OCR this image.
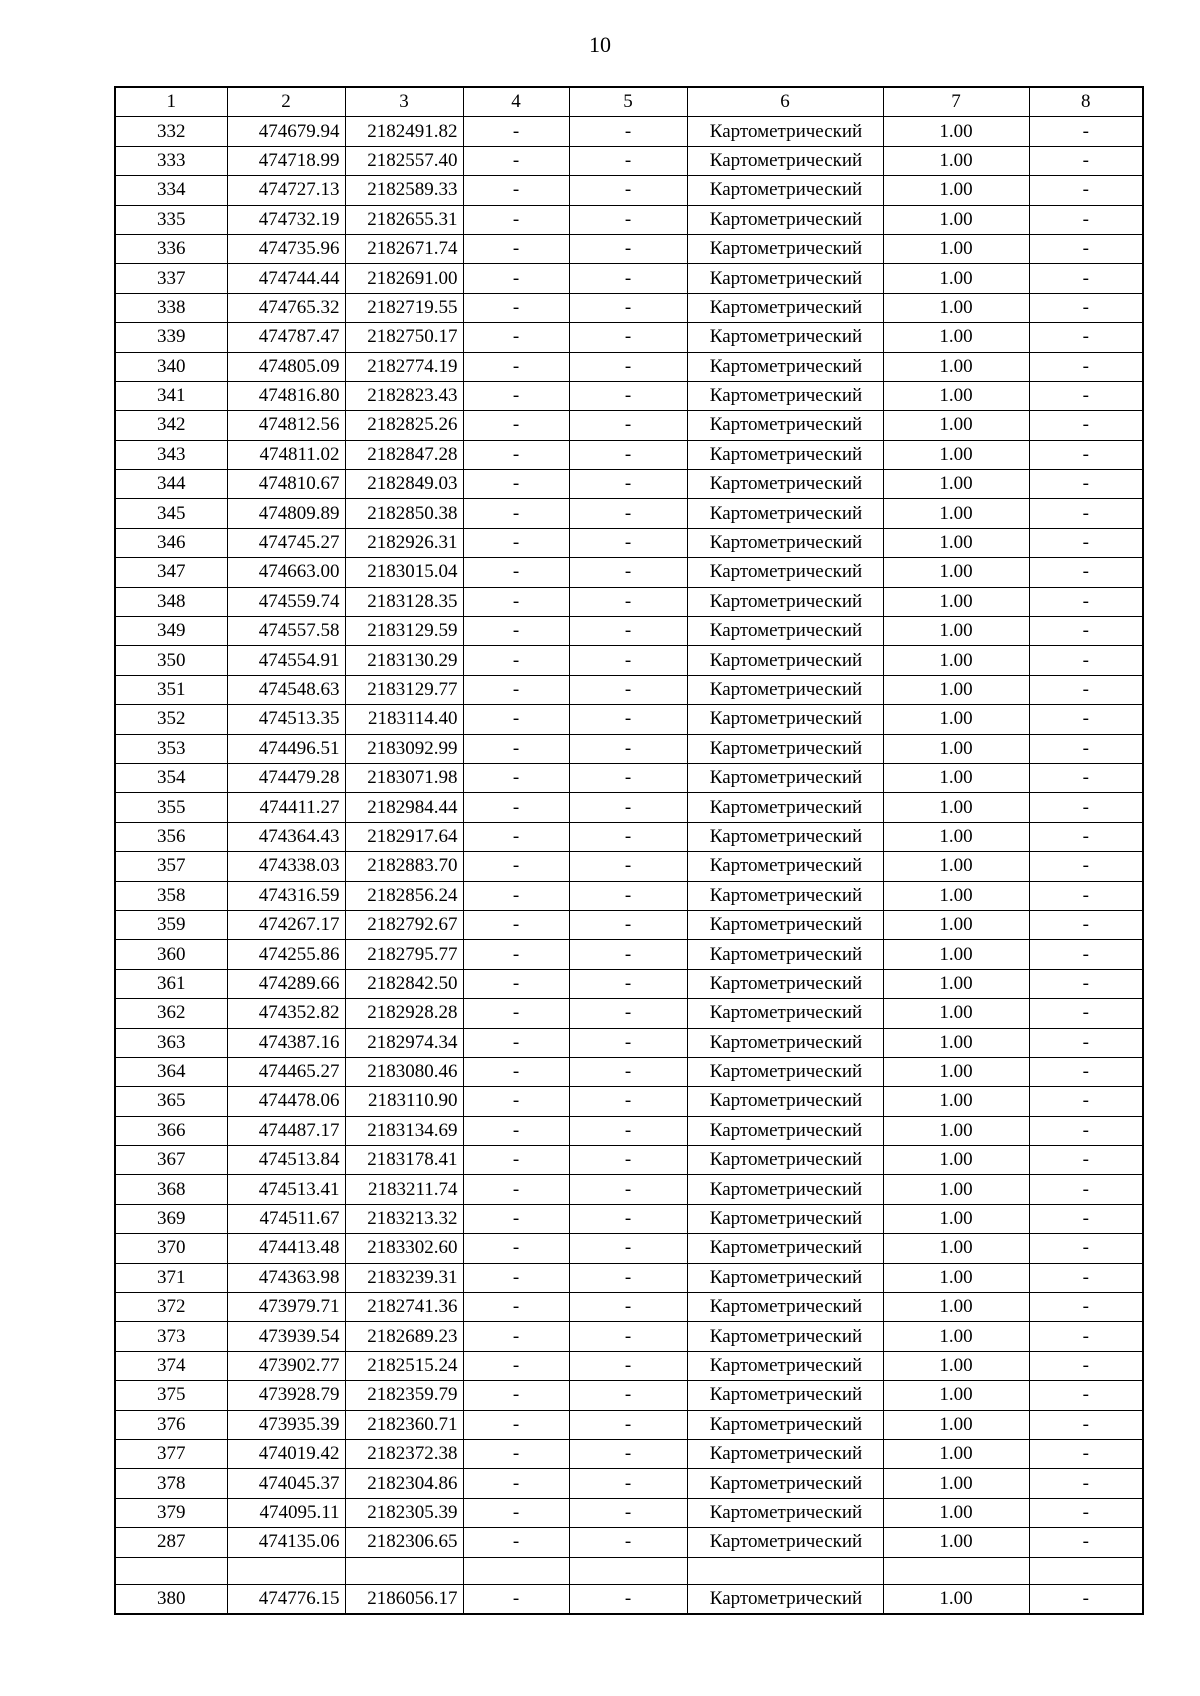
10
1	2	3	4	5	6	7	8
332	474679.94	2182491.82	-	-	Картометрический	1.00	-
333	474718.99	2182557.40	-	-	Картометрический	1.00	-
334	474727.13	2182589.33	-	-	Картометрический	1.00	-
335	474732.19	2182655.31	-	-	Картометрический	1.00	-
336	474735.96	2182671.74	-	-	Картометрический	1.00	-
337	474744.44	2182691.00	-	-	Картометрический	1.00	-
338	474765.32	2182719.55	-	-	Картометрический	1.00	-
339	474787.47	2182750.17	-	-	Картометрический	1.00	-
340	474805.09	2182774.19	-	-	Картометрический	1.00	-
341	474816.80	2182823.43	-	-	Картометрический	1.00	-
342	474812.56	2182825.26	-	-	Картометрический	1.00	-
343	474811.02	2182847.28	-	-	Картометрический	1.00	-
344	474810.67	2182849.03	-	-	Картометрический	1.00	-
345	474809.89	2182850.38	-	-	Картометрический	1.00	-
346	474745.27	2182926.31	-	-	Картометрический	1.00	-
347	474663.00	2183015.04	-	-	Картометрический	1.00	-
348	474559.74	2183128.35	-	-	Картометрический	1.00	-
349	474557.58	2183129.59	-	-	Картометрический	1.00	-
350	474554.91	2183130.29	-	-	Картометрический	1.00	-
351	474548.63	2183129.77	-	-	Картометрический	1.00	-
352	474513.35	2183114.40	-	-	Картометрический	1.00	-
353	474496.51	2183092.99	-	-	Картометрический	1.00	-
354	474479.28	2183071.98	-	-	Картометрический	1.00	-
355	474411.27	2182984.44	-	-	Картометрический	1.00	-
356	474364.43	2182917.64	-	-	Картометрический	1.00	-
357	474338.03	2182883.70	-	-	Картометрический	1.00	-
358	474316.59	2182856.24	-	-	Картометрический	1.00	-
359	474267.17	2182792.67	-	-	Картометрический	1.00	-
360	474255.86	2182795.77	-	-	Картометрический	1.00	-
361	474289.66	2182842.50	-	-	Картометрический	1.00	-
362	474352.82	2182928.28	-	-	Картометрический	1.00	-
363	474387.16	2182974.34	-	-	Картометрический	1.00	-
364	474465.27	2183080.46	-	-	Картометрический	1.00	-
365	474478.06	2183110.90	-	-	Картометрический	1.00	-
366	474487.17	2183134.69	-	-	Картометрический	1.00	-
367	474513.84	2183178.41	-	-	Картометрический	1.00	-
368	474513.41	2183211.74	-	-	Картометрический	1.00	-
369	474511.67	2183213.32	-	-	Картометрический	1.00	-
370	474413.48	2183302.60	-	-	Картометрический	1.00	-
371	474363.98	2183239.31	-	-	Картометрический	1.00	-
372	473979.71	2182741.36	-	-	Картометрический	1.00	-
373	473939.54	2182689.23	-	-	Картометрический	1.00	-
374	473902.77	2182515.24	-	-	Картометрический	1.00	-
375	473928.79	2182359.79	-	-	Картометрический	1.00	-
376	473935.39	2182360.71	-	-	Картометрический	1.00	-
377	474019.42	2182372.38	-	-	Картометрический	1.00	-
378	474045.37	2182304.86	-	-	Картометрический	1.00	-
379	474095.11	2182305.39	-	-	Картометрический	1.00	-
287	474135.06	2182306.65	-	-	Картометрический	1.00	-

380	474776.15	2186056.17	-	-	Картометрический	1.00	-
